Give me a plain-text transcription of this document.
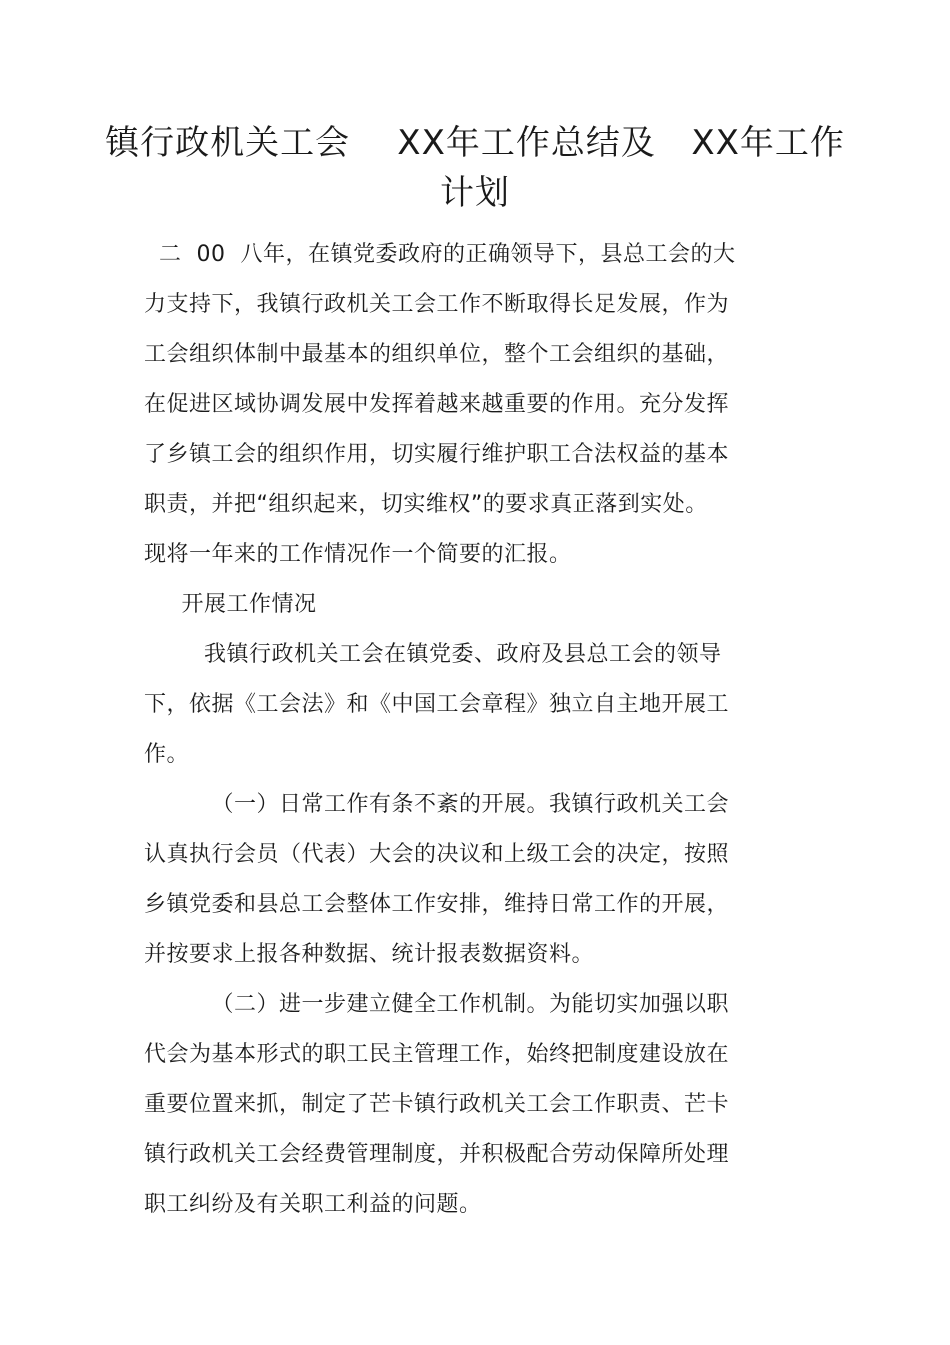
镇行政机关工会    XX年工作总结及   XX年工作
计划
二  00  八年，在镇党委政府的正确领导下，县总工会的大
力支持下，我镇行政机关工会工作不断取得长足发展，作为
工会组织体制中最基本的组织单位，整个工会组织的基础，
在促进区域协调发展中发挥着越来越重要的作用。充分发挥
了乡镇工会的组织作用，切实履行维护职工合法权益的基本
职责，并把“组织起来，切实维权”的要求真正落到实处。
现将一年来的工作情况作一个简要的汇报。
开展工作情况
我镇行政机关工会在镇党委、政府及县总工会的领导
下，依据《工会法》和《中国工会章程》独立自主地开展工
作。
（一）日常工作有条不紊的开展。我镇行政机关工会
认真执行会员（代表）大会的决议和上级工会的决定，按照
乡镇党委和县总工会整体工作安排，维持日常工作的开展，
并按要求上报各种数据、统计报表数据资料。
（二）进一步建立健全工作机制。为能切实加强以职
代会为基本形式的职工民主管理工作，始终把制度建设放在
重要位置来抓，制定了芒卡镇行政机关工会工作职责、芒卡
镇行政机关工会经费管理制度，并积极配合劳动保障所处理
职工纠纷及有关职工利益的问题。
